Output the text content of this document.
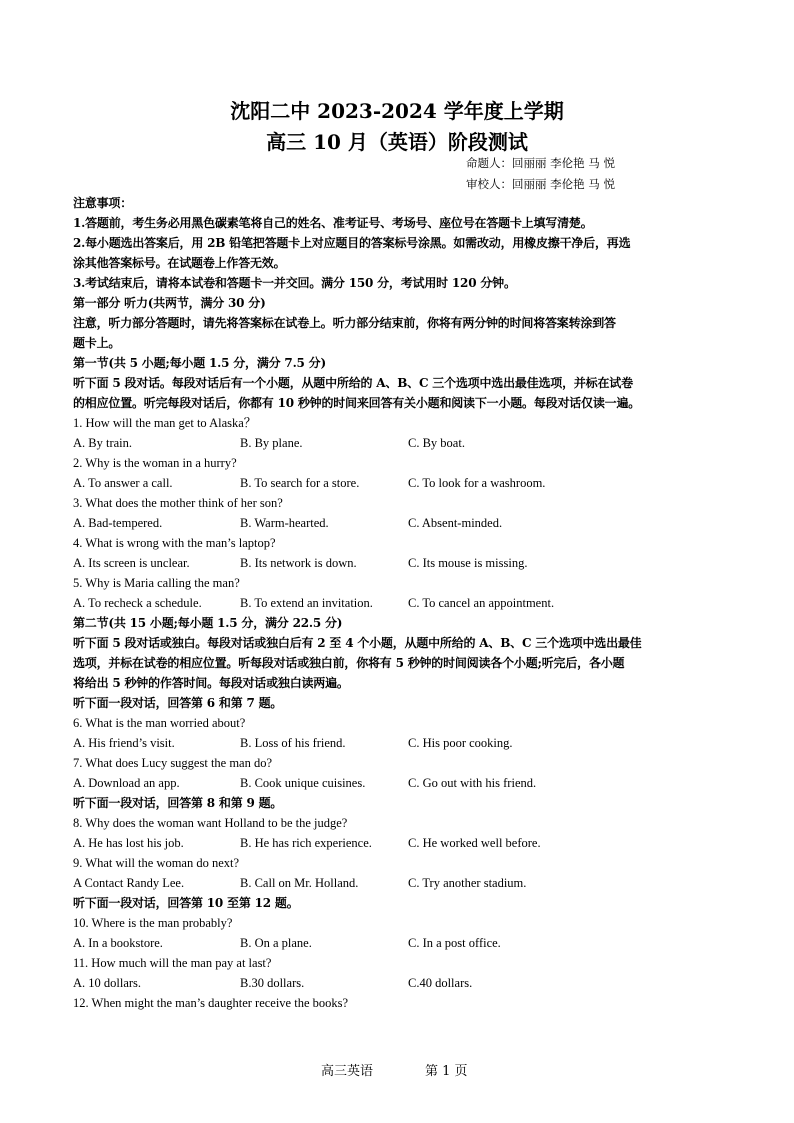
沈阳二中 2023-2024 学年度上学期
高三 10 月（英语）阶段测试
命题人：回丽丽 李伦艳 马 悦
审校人：回丽丽 李伦艳 马 悦
注意事项：
1.答题前，考生务必用黑色碳素笔将自己的姓名、准考证号、考场号、座位号在答题卡上填写清楚。
2.每小题选出答案后，用 2B 铅笔把答题卡上对应题目的答案标号涂黑。如需改动，用橡皮擦干净后，再选
涂其他答案标号。在试题卷上作答无效。
3.考试结束后，请将本试卷和答题卡一并交回。满分 150 分，考试用时 120 分钟。
第一部分 听力(共两节，满分 30 分)
注意，听力部分答题时，请先将答案标在试卷上。听力部分结束前，你将有两分钟的时间将答案转涂到答
题卡上。
第一节(共 5 小题;每小题 1.5 分，满分 7.5 分)
听下面 5 段对话。每段对话后有一个小题，从题中所给的 A、B、C 三个选项中选出最佳选项，并标在试卷
的相应位置。听完每段对话后，你都有 10 秒钟的时间来回答有关小题和阅读下一小题。每段对话仅读一遍。
1. How will the man get to Alaska？
A. By train.	B. By plane.	C. By boat.
2. Why is the woman in a hurry?
A. To answer a call.	B. To search for a store.	C. To look for a washroom.
3. What does the mother think of her son?
A. Bad-tempered.	B. Warm-hearted.	C. Absent-minded.
4. What is wrong with the man’s laptop?
A. Its screen is unclear.	B. Its network is down.	C. Its mouse is missing.
5. Why is Maria calling the man?
A. To recheck a schedule.	B. To extend an invitation.	C. To cancel an appointment.
第二节(共 15 小题;每小题 1.5 分，满分 22.5 分)
听下面 5 段对话或独白。每段对话或独白后有 2 至 4 个小题，从题中所给的 A、B、C 三个选项中选出最佳
选项，并标在试卷的相应位置。听每段对话或独白前，你将有 5 秒钟的时间阅读各个小题;听完后，各小题
将给出 5 秒钟的作答时间。每段对话或独白读两遍。
听下面一段对话，回答第 6 和第 7 题。
6. What is the man worried about?
A. His friend’s visit.	B. Loss of his friend.	C. His poor cooking.
7. What does Lucy suggest the man do?
A. Download an app.	B. Cook unique cuisines.	C. Go out with his friend.
听下面一段对话，回答第 8 和第 9 题。
8. Why does the woman want Holland to be the judge?
A. He has lost his job.	B. He has rich experience.	C. He worked well before.
9. What will the woman do next?
A Contact Randy Lee.	B. Call on Mr. Holland.	C. Try another stadium.
听下面一段对话，回答第 10 至第 12 题。
10. Where is the man probably?
A. In a bookstore.	B. On a plane.	C. In a post office.
11. How much will the man pay at last?
A. 10 dollars.	B.30 dollars.	C.40 dollars.
12. When might the man’s daughter receive the books?
高三英语	第 1 页
